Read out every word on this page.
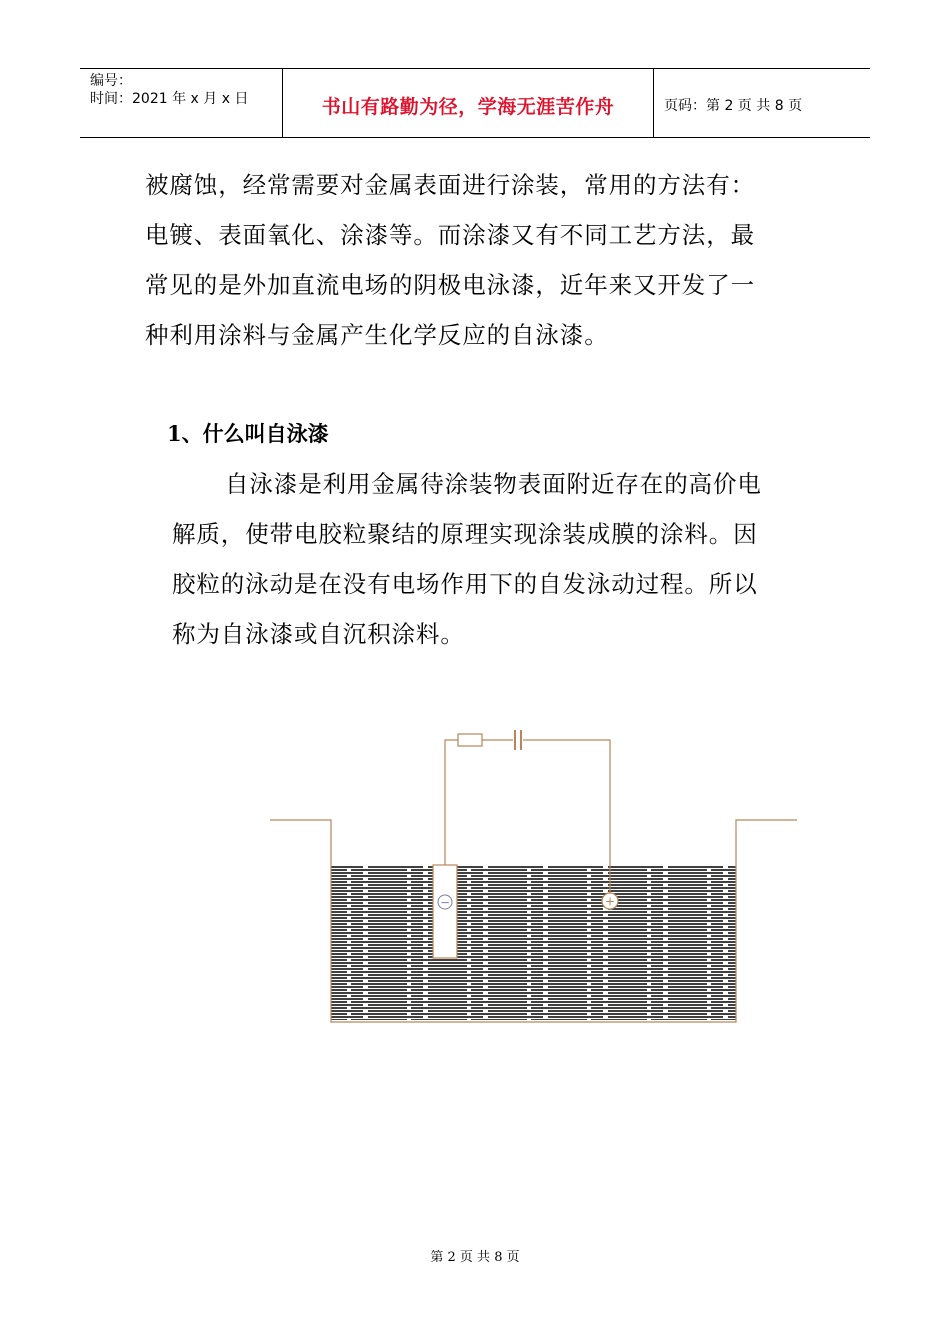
编号：
时间：2021 年 x 月 x 日	书山有路勤为径，学海无涯苦作舟	页码：第 2 页 共 8 页
被腐蚀，经常需要对金属表面进行涂装，常用的方法有：
电镀、表面氧化、涂漆等。而涂漆又有不同工艺方法，最
常见的是外加直流电场的阴极电泳漆，近年来又开发了一
种利用涂料与金属产生化学反应的自泳漆。
1、什么叫自泳漆
自泳漆是利用金属待涂装物表面附近存在的高价电
解质，使带电胶粒聚结的原理实现涂装成膜的涂料。因
胶粒的泳动是在没有电场作用下的自发泳动过程。所以
称为自泳漆或自沉积涂料。
−	+
第 2 页 共 8 页
